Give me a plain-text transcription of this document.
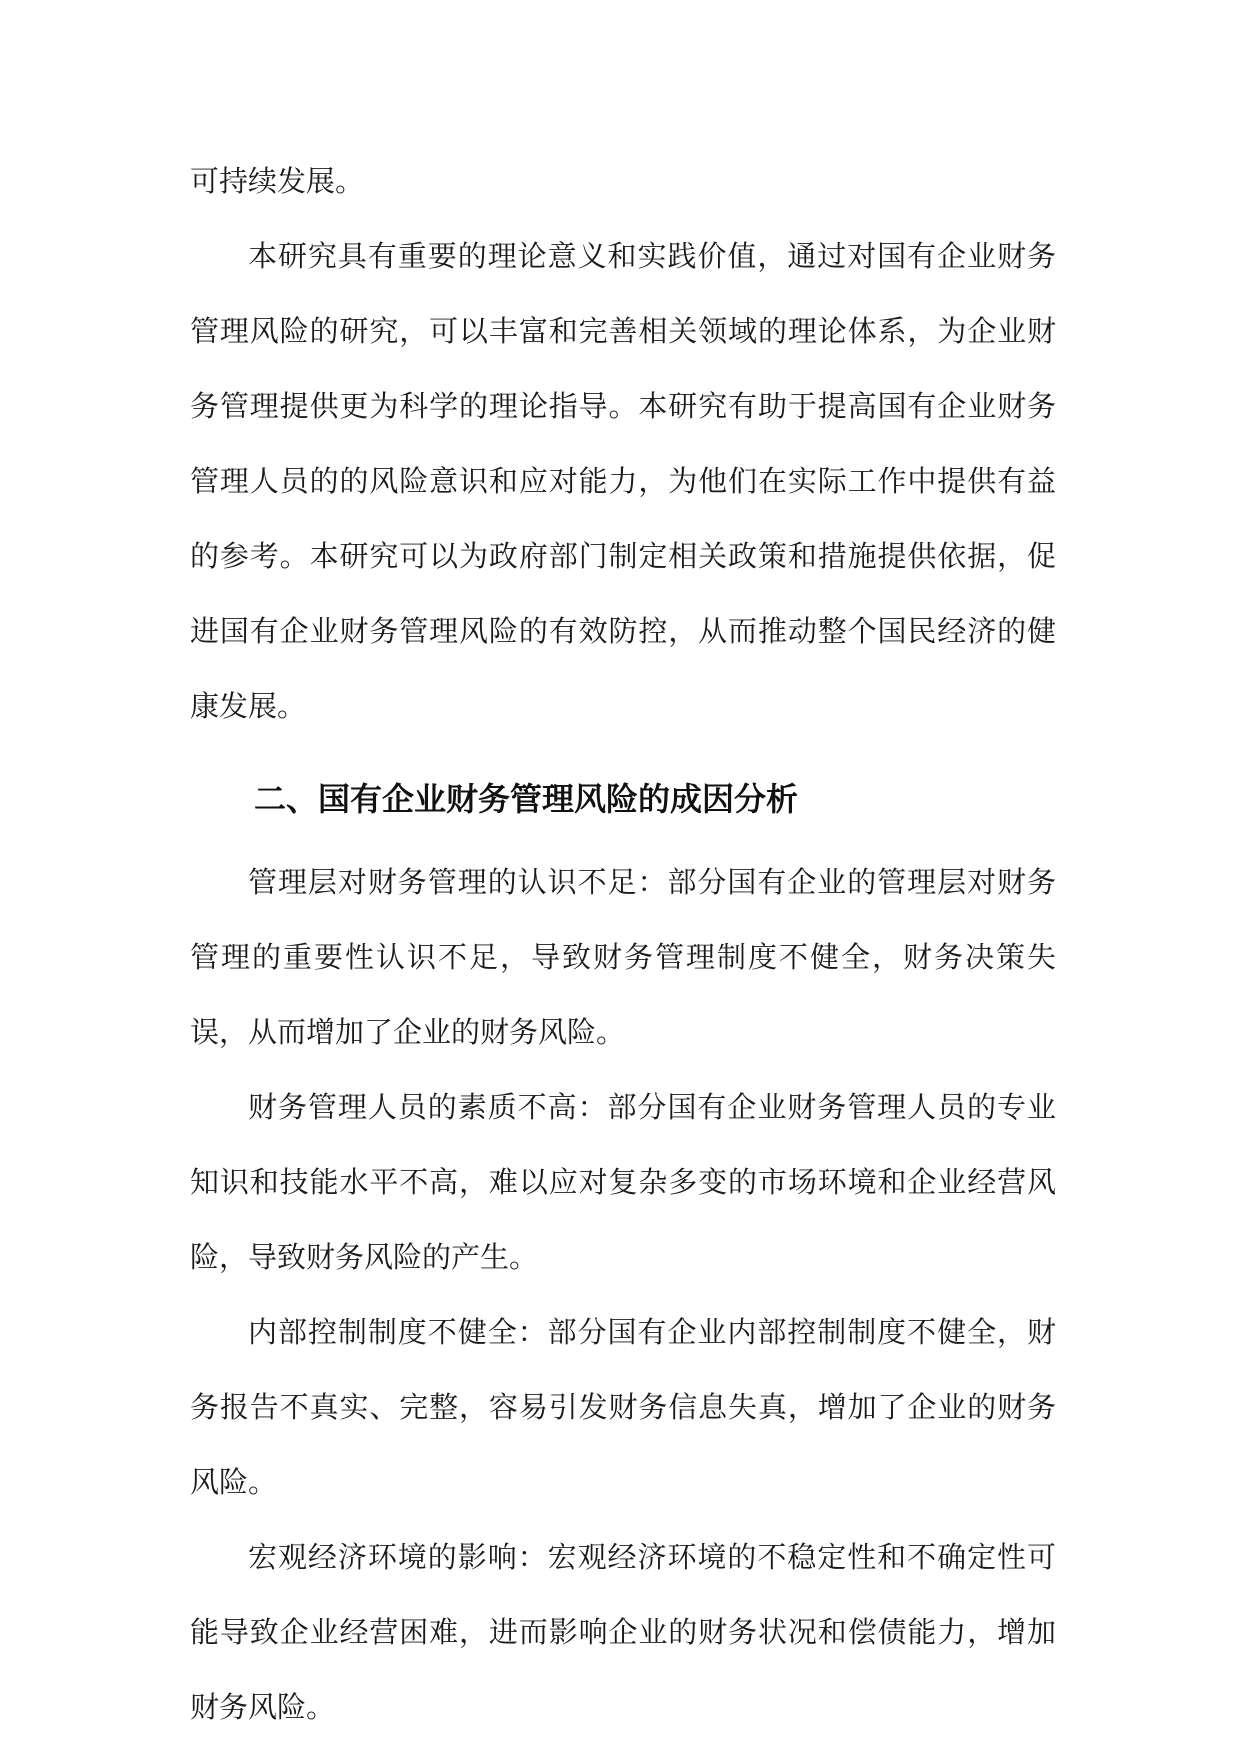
可持续发展。

本研究具有重要的理论意义和实践价值，通过对国有企业财务管理风险的研究，可以丰富和完善相关领域的理论体系，为企业财务管理提供更为科学的理论指导。本研究有助于提高国有企业财务管理人员的的风险意识和应对能力，为他们在实际工作中提供有益的参考。本研究可以为政府部门制定相关政策和措施提供依据，促进国有企业财务管理风险的有效防控，从而推动整个国民经济的健康发展。

二、国有企业财务管理风险的成因分析

管理层对财务管理的认识不足：部分国有企业的管理层对财务管理的重要性认识不足，导致财务管理制度不健全，财务决策失误，从而增加了企业的财务风险。

财务管理人员的素质不高：部分国有企业财务管理人员的专业知识和技能水平不高，难以应对复杂多变的市场环境和企业经营风险，导致财务风险的产生。

内部控制制度不健全：部分国有企业内部控制制度不健全，财务报告不真实、完整，容易引发财务信息失真，增加了企业的财务风险。

宏观经济环境的影响：宏观经济环境的不稳定性和不确定性可能导致企业经营困难，进而影响企业的财务状况和偿债能力，增加财务风险。
